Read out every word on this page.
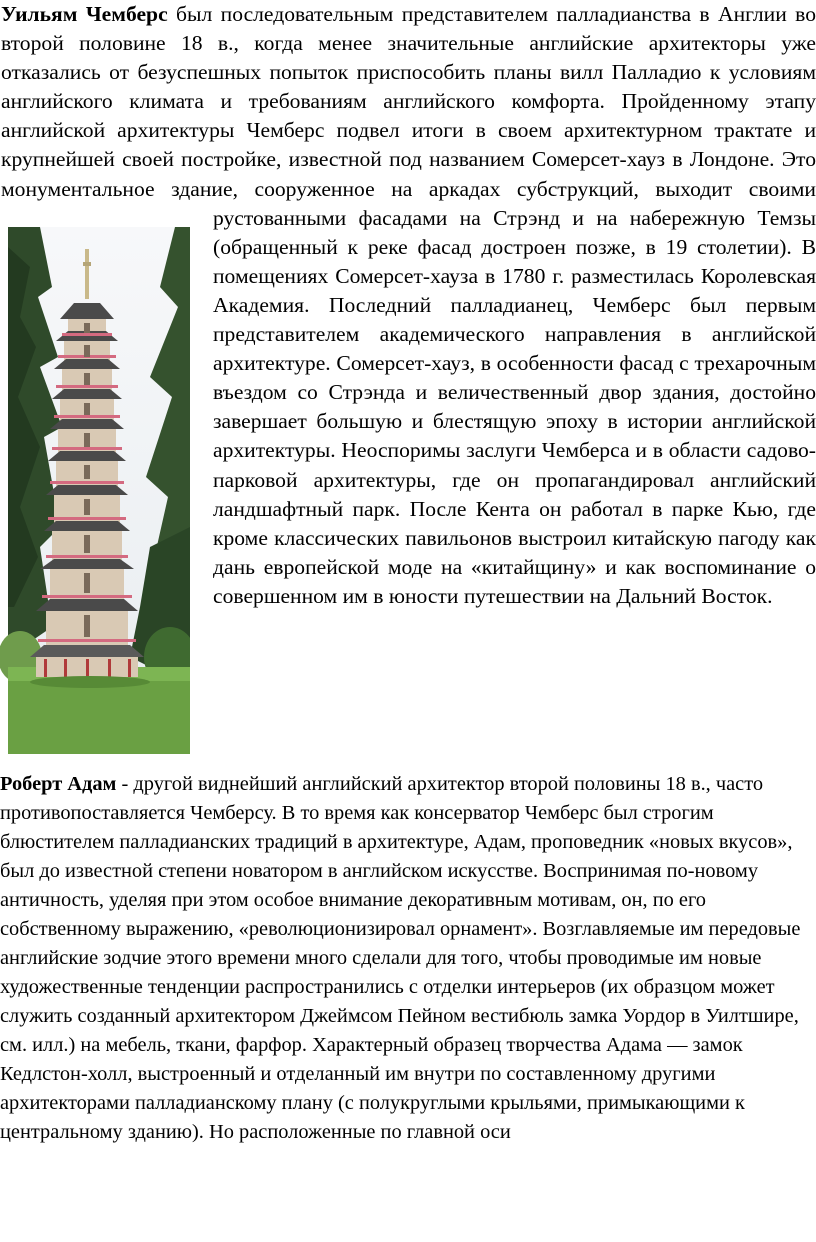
Уильям Чемберс был последовательным представителем палладианства в Англии во второй половине 18 в., когда менее значительные английские архитекторы уже отказались от безуспешных попыток приспособить планы вилл Палладио к условиям английского климата и требованиям английского комфорта. Пройденному этапу английской архитектуры Чемберс подвел итоги в своем архитектурном трактате и крупнейшей своей постройке, известной под названием Сомерсет-хауз в Лондоне. Это монументальное здание, сооруженное на аркадах субструкций, выходит своими рустованными фасадами на Стрэнд и на набережную Темзы (обращенный к реке фасад достроен позже, в 19 столетии). В помещениях Сомерсет-хауза в 1780 г. разместилась Королевская Академия. Последний палладианец, Чемберс был первым представителем академического направления в английской архитектуре. Сомерсет-хауз, в особенности фасад с трехарочным въездом со Стрэнда и величественный двор здания, достойно завершает большую и блестящую эпоху в истории английской архитектуры. Неоспоримы заслуги Чемберса и в области садово-парковой архитектуры, где он пропагандировал английский ландшафтный парк. После Кента он работал в парке Кью, где кроме классических павильонов выстроил китайскую пагоду как дань европейской моде на «китайщину» и как воспоминание о совершенном им в юности путешествии на Дальний Восток.

Роберт Адам - другой виднейший английский архитектор второй половины 18 в., часто противопоставляется Чемберсу. В то время как консерватор Чемберс был строгим блюстителем палладианских традиций в архитектуре, Адам, проповедник «новых вкусов», был до известной степени новатором в английском искусстве. Воспринимая по-новому античность, уделяя при этом особое внимание декоративным мотивам, он, по его собственному выражению, «революционизировал орнамент». Возглавляемые им передовые английские зодчие этого времени много сделали для того, чтобы проводимые им новые художественные тенденции распространились с отделки интерьеров (их образцом может служить созданный архитектором Джеймсом Пейном вестибюль замка Уордор в Уилтшире, см. илл.) на мебель, ткани, фарфор. Характерный образец творчества Адама — замок Кедлстон-холл, выстроенный и отделанный им внутри по составленному другими архитекторами палладианскому плану (с полукруглыми крыльями, примыкающими к центральному зданию). Но расположенные по главной оси
